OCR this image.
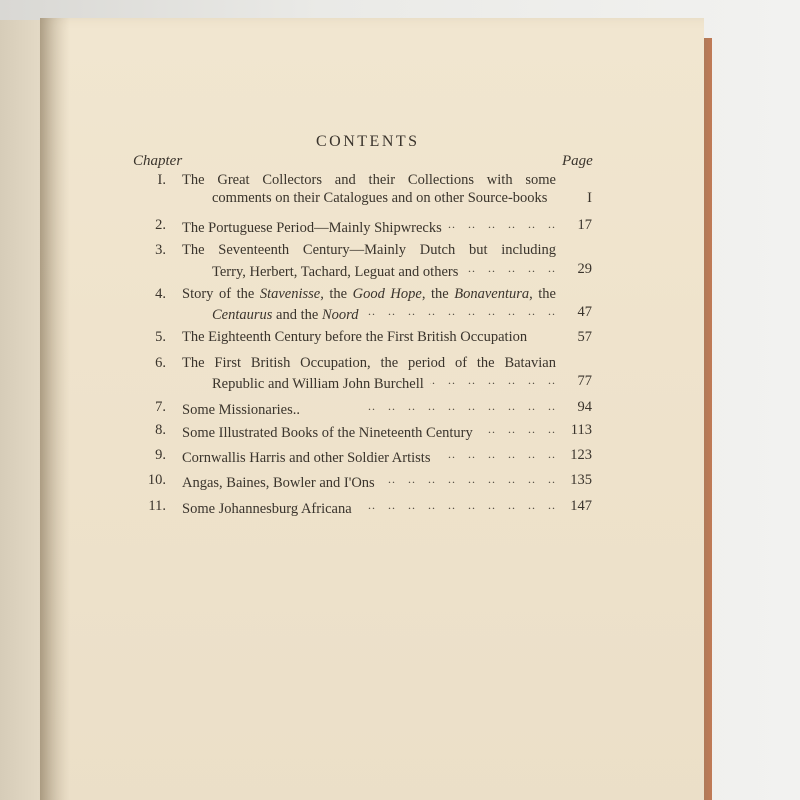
CONTENTS
Chapter	Page
I. The Great Collectors and their Collections with some
comments on their Catalogues and on other Source-books	I
2. The Portuguese Period—Mainly Shipwrecks ..	17
3. The Seventeenth Century—Mainly Dutch but including
Terry, Herbert, Tachard, Leguat and others ..	29
4. Story of the Stavenisse, the Good Hope, the Bonaventura, the
Centaurus and the Noord ..	47
5. The Eighteenth Century before the First British Occupation	57
6. The First British Occupation, the period of the Batavian
Republic and William John Burchell ..	77
7. Some Missionaries.. ..	94
8. Some Illustrated Books of the Nineteenth Century ..	113
9. Cornwallis Harris and other Soldier Artists ..	123
10. Angas, Baines, Bowler and I'Ons ..	135
11. Some Johannesburg Africana ..	147
